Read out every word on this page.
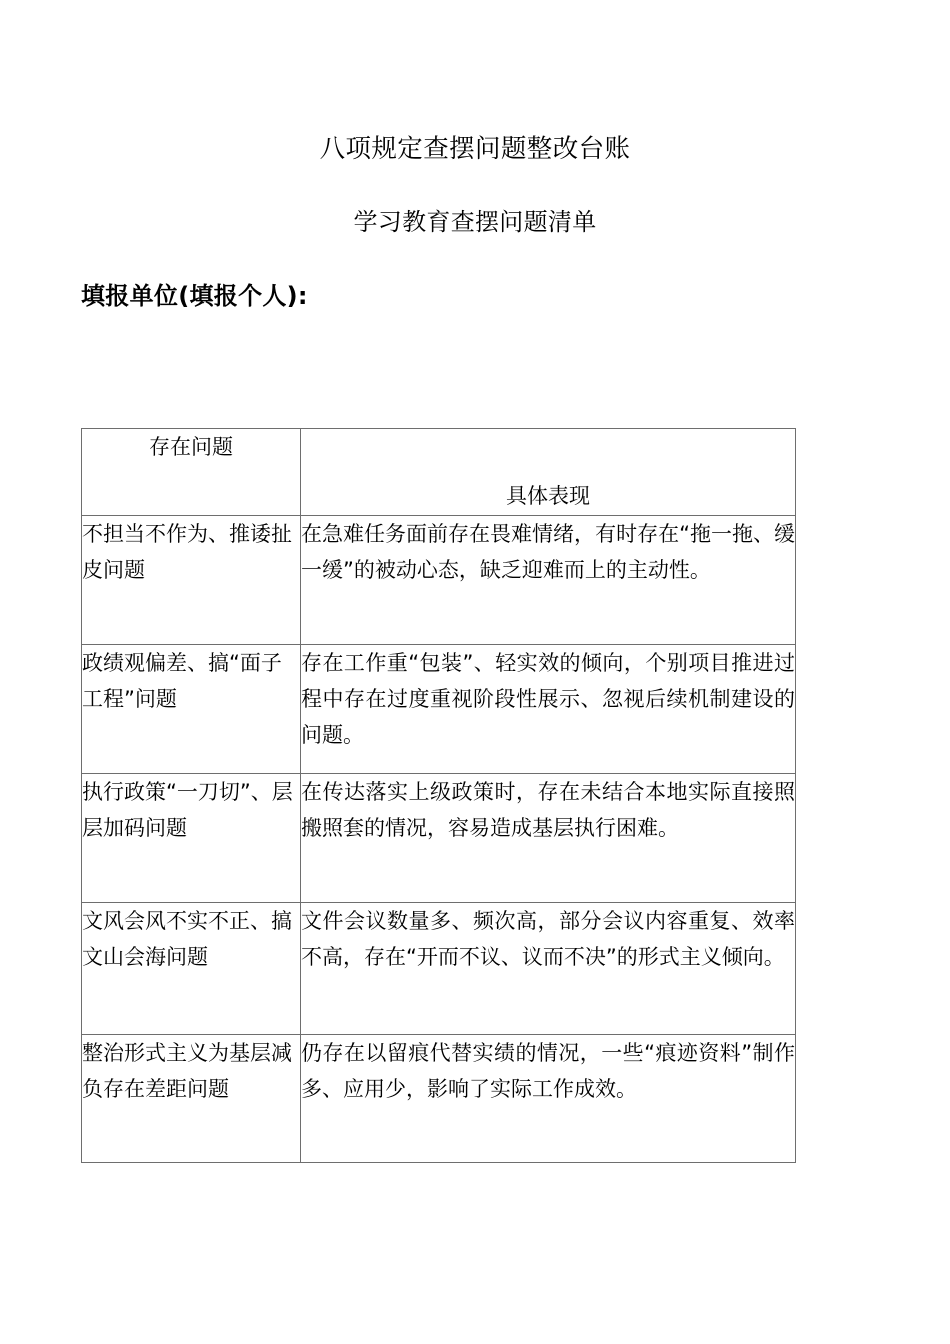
八项规定查摆问题整改台账
学习教育查摆问题清单
填报单位(填报个人):
存在问题	具体表现

不担当不作为、推诿扯皮问题	在急难任务面前存在畏难情绪，有时存在“拖一拖、缓一缓”的被动心态，缺乏迎难而上的主动性。

政绩观偏差、搞“面子工程”问题	存在工作重“包装”、轻实效的倾向，个别项目推进过程中存在过度重视阶段性展示、忽视后续机制建设的问题。

执行政策“一刀切”、层层加码问题	在传达落实上级政策时，存在未结合本地实际直接照搬照套的情况，容易造成基层执行困难。

文风会风不实不正、搞文山会海问题	文件会议数量多、频次高，部分会议内容重复、效率不高，存在“开而不议、议而不决”的形式主义倾向。

整治形式主义为基层减负存在差距问题	仍存在以留痕代替实绩的情况，一些“痕迹资料”制作多、应用少，影响了实际工作成效。
